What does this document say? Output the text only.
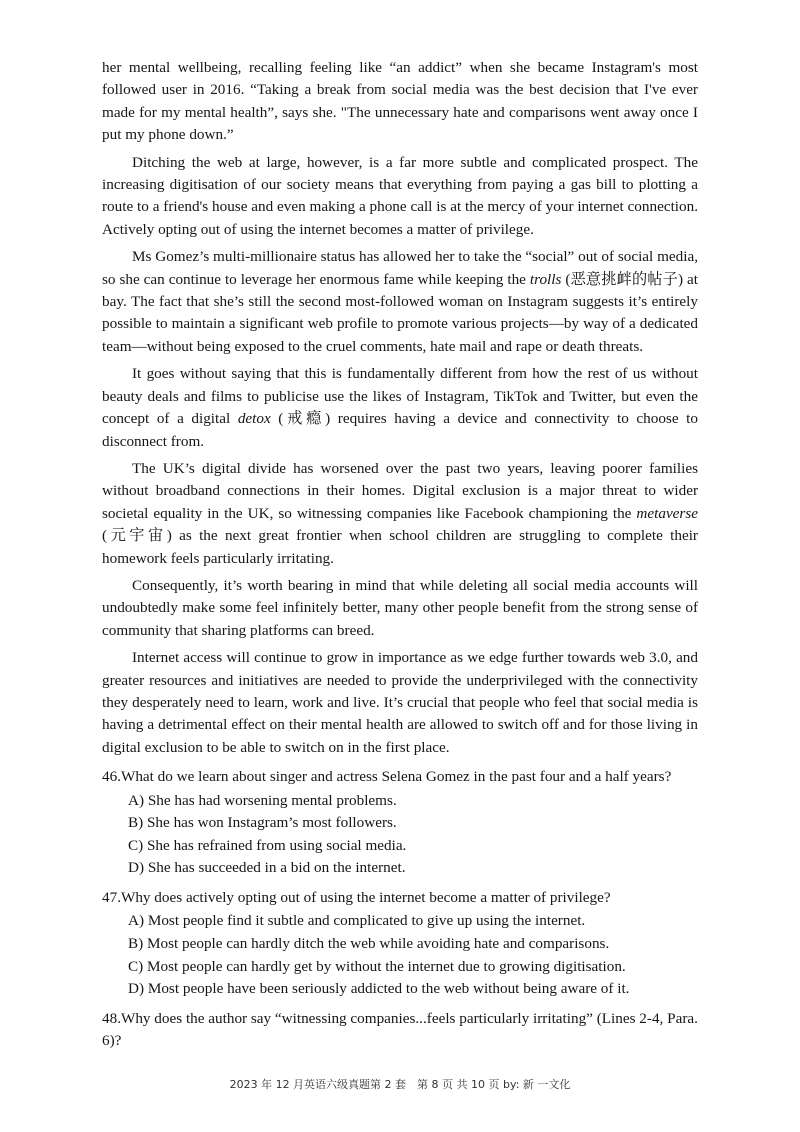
her mental wellbeing, recalling feeling like “an addict” when she became Instagram's most followed user in 2016. “Taking a break from social media was the best decision that I've ever made for my mental health”, says she. "The unnecessary hate and comparisons went away once I put my phone down.”

Ditching the web at large, however, is a far more subtle and complicated prospect. The increasing digitisation of our society means that everything from paying a gas bill to plotting a route to a friend's house and even making a phone call is at the mercy of your internet connection. Actively opting out of using the internet becomes a matter of privilege.

Ms Gomez’s multi-millionaire status has allowed her to take the “social” out of social media, so she can continue to leverage her enormous fame while keeping the trolls (恶意挑衅的帖子) at bay. The fact that she’s still the second most-followed woman on Instagram suggests it’s entirely possible to maintain a significant web profile to promote various projects—by way of a dedicated team—without being exposed to the cruel comments, hate mail and rape or death threats.

It goes without saying that this is fundamentally different from how the rest of us without beauty deals and films to publicise use the likes of Instagram, TikTok and Twitter, but even the concept of a digital detox (戒瘾) requires having a device and connectivity to choose to disconnect from.

The UK’s digital divide has worsened over the past two years, leaving poorer families without broadband connections in their homes. Digital exclusion is a major threat to wider societal equality in the UK, so witnessing companies like Facebook championing the metaverse (元宇宙) as the next great frontier when school children are struggling to complete their homework feels particularly irritating.

Consequently, it’s worth bearing in mind that while deleting all social media accounts will undoubtedly make some feel infinitely better, many other people benefit from the strong sense of community that sharing platforms can breed.

Internet access will continue to grow in importance as we edge further towards web 3.0, and greater resources and initiatives are needed to provide the underprivileged with the connectivity they desperately need to learn, work and live. It’s crucial that people who feel that social media is having a detrimental effect on their mental health are allowed to switch off and for those living in digital exclusion to be able to switch on in the first place.

46.What do we learn about singer and actress Selena Gomez in the past four and a half years?
A) She has had worsening mental problems.
B) She has won Instagram’s most followers.
C) She has refrained from using social media.
D) She has succeeded in a bid on the internet.
47.Why does actively opting out of using the internet become a matter of privilege?
A) Most people find it subtle and complicated to give up using the internet.
B) Most people can hardly ditch the web while avoiding hate and comparisons.
C) Most people can hardly get by without the internet due to growing digitisation.
D) Most people have been seriously addicted to the web without being aware of it.
48.Why does the author say “witnessing companies...feels particularly irritating” (Lines 2-4, Para. 6)?
2023 年 12 月英语六级真题第 2 套　第 8 页 共 10 页 by: 新 一文化
